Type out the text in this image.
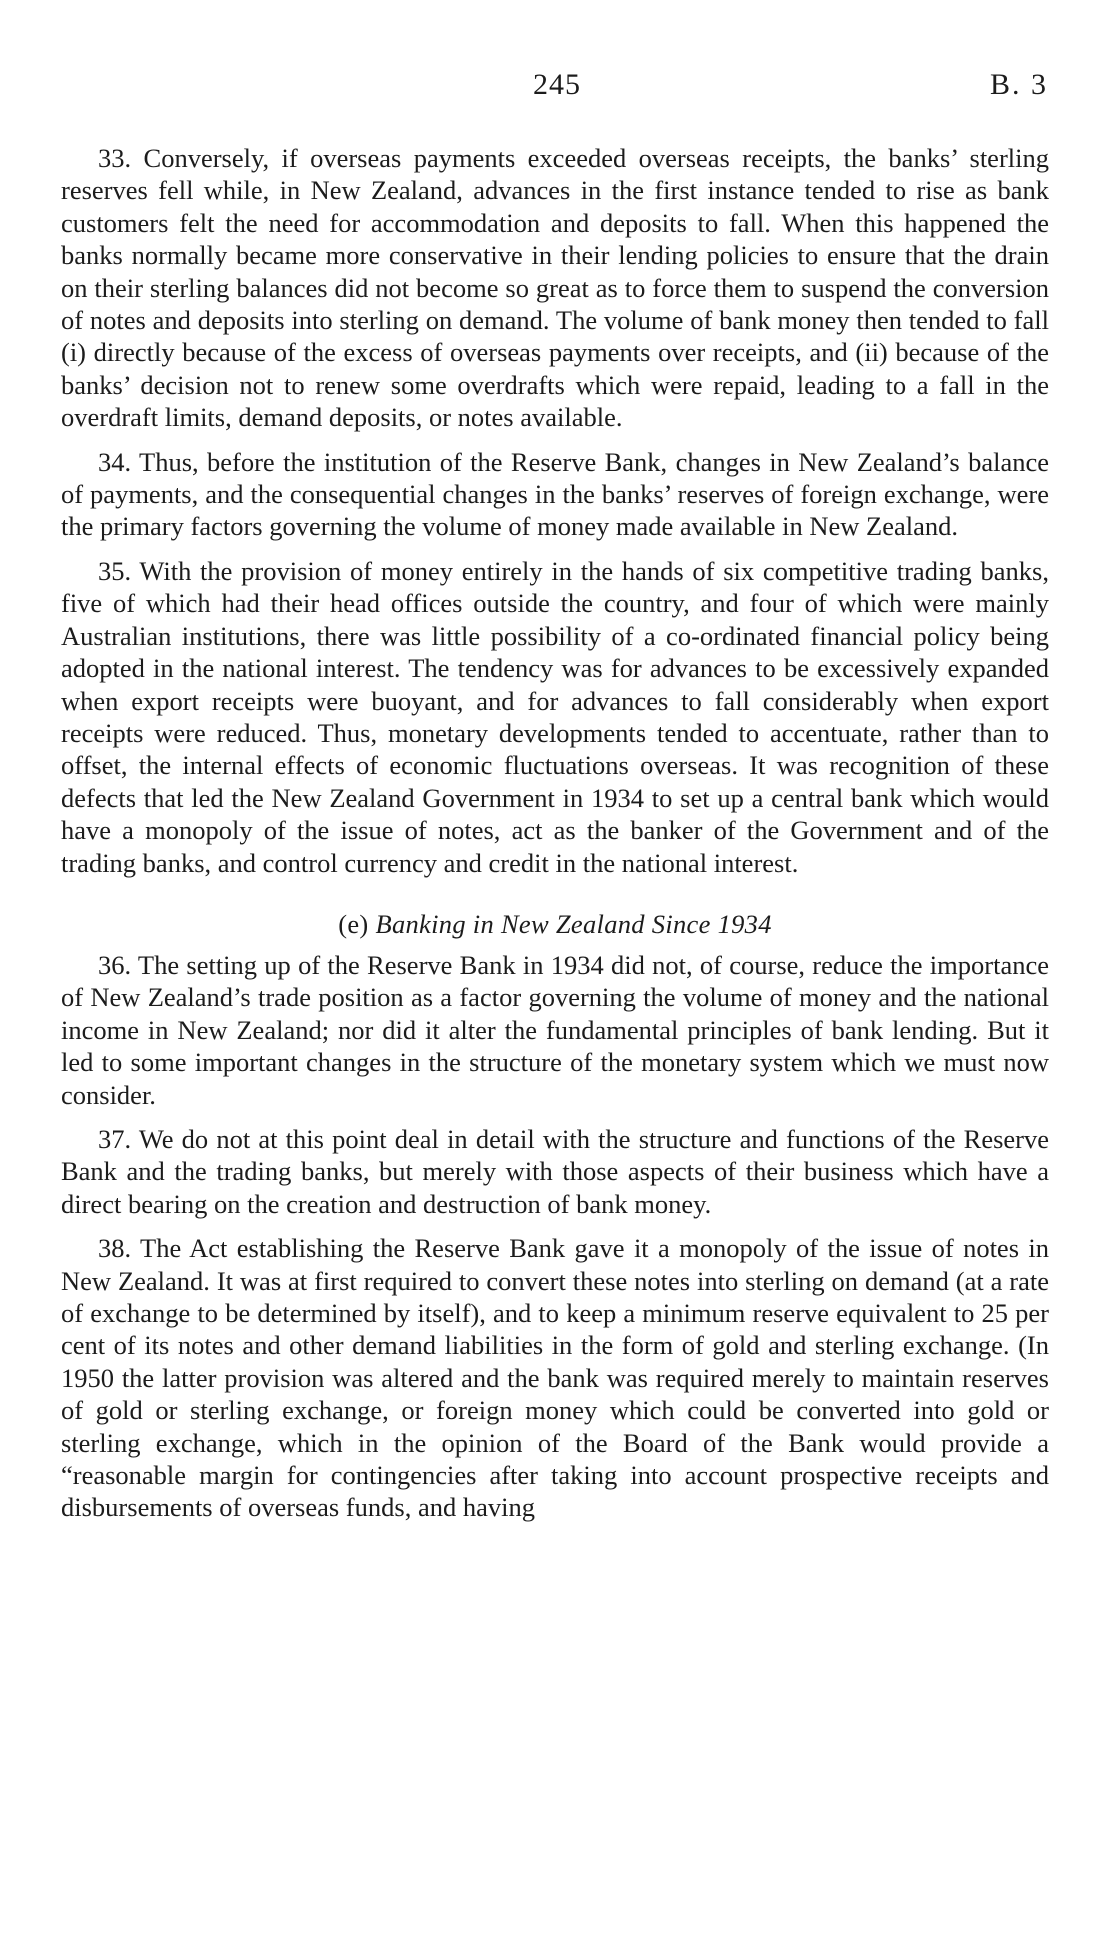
245	B. 3

33. Conversely, if overseas payments exceeded overseas receipts, the banks’ sterling reserves fell while, in New Zealand, advances in the first instance tended to rise as bank customers felt the need for accommodation and deposits to fall. When this happened the banks normally became more conservative in their lending policies to ensure that the drain on their sterling balances did not become so great as to force them to suspend the conversion of notes and deposits into sterling on demand. The volume of bank money then tended to fall (i) directly because of the excess of overseas payments over receipts, and (ii) because of the banks’ decision not to renew some overdrafts which were repaid, leading to a fall in the overdraft limits, demand deposits, or notes available.

34. Thus, before the institution of the Reserve Bank, changes in New Zealand’s balance of payments, and the consequential changes in the banks’ reserves of foreign exchange, were the primary factors governing the volume of money made available in New Zealand.

35. With the provision of money entirely in the hands of six competitive trading banks, five of which had their head offices outside the country, and four of which were mainly Australian institutions, there was little possibility of a co-ordinated financial policy being adopted in the national interest. The tendency was for advances to be excessively expanded when export receipts were buoyant, and for advances to fall considerably when export receipts were reduced. Thus, monetary developments tended to accentuate, rather than to offset, the internal effects of economic fluctuations overseas. It was recognition of these defects that led the New Zealand Government in 1934 to set up a central bank which would have a monopoly of the issue of notes, act as the banker of the Government and of the trading banks, and control currency and credit in the national interest.

(e) Banking in New Zealand Since 1934

36. The setting up of the Reserve Bank in 1934 did not, of course, reduce the importance of New Zealand’s trade position as a factor governing the volume of money and the national income in New Zealand; nor did it alter the fundamental principles of bank lending. But it led to some important changes in the structure of the monetary system which we must now consider.

37. We do not at this point deal in detail with the structure and functions of the Reserve Bank and the trading banks, but merely with those aspects of their business which have a direct bearing on the creation and destruction of bank money.

38. The Act establishing the Reserve Bank gave it a monopoly of the issue of notes in New Zealand. It was at first required to convert these notes into sterling on demand (at a rate of exchange to be determined by itself), and to keep a minimum reserve equivalent to 25 per cent of its notes and other demand liabilities in the form of gold and sterling exchange. (In 1950 the latter provision was altered and the bank was required merely to maintain reserves of gold or sterling exchange, or foreign money which could be converted into gold or sterling exchange, which in the opinion of the Board of the Bank would provide a “reasonable margin for contingencies after taking into account prospective receipts and disbursements of overseas funds, and having
